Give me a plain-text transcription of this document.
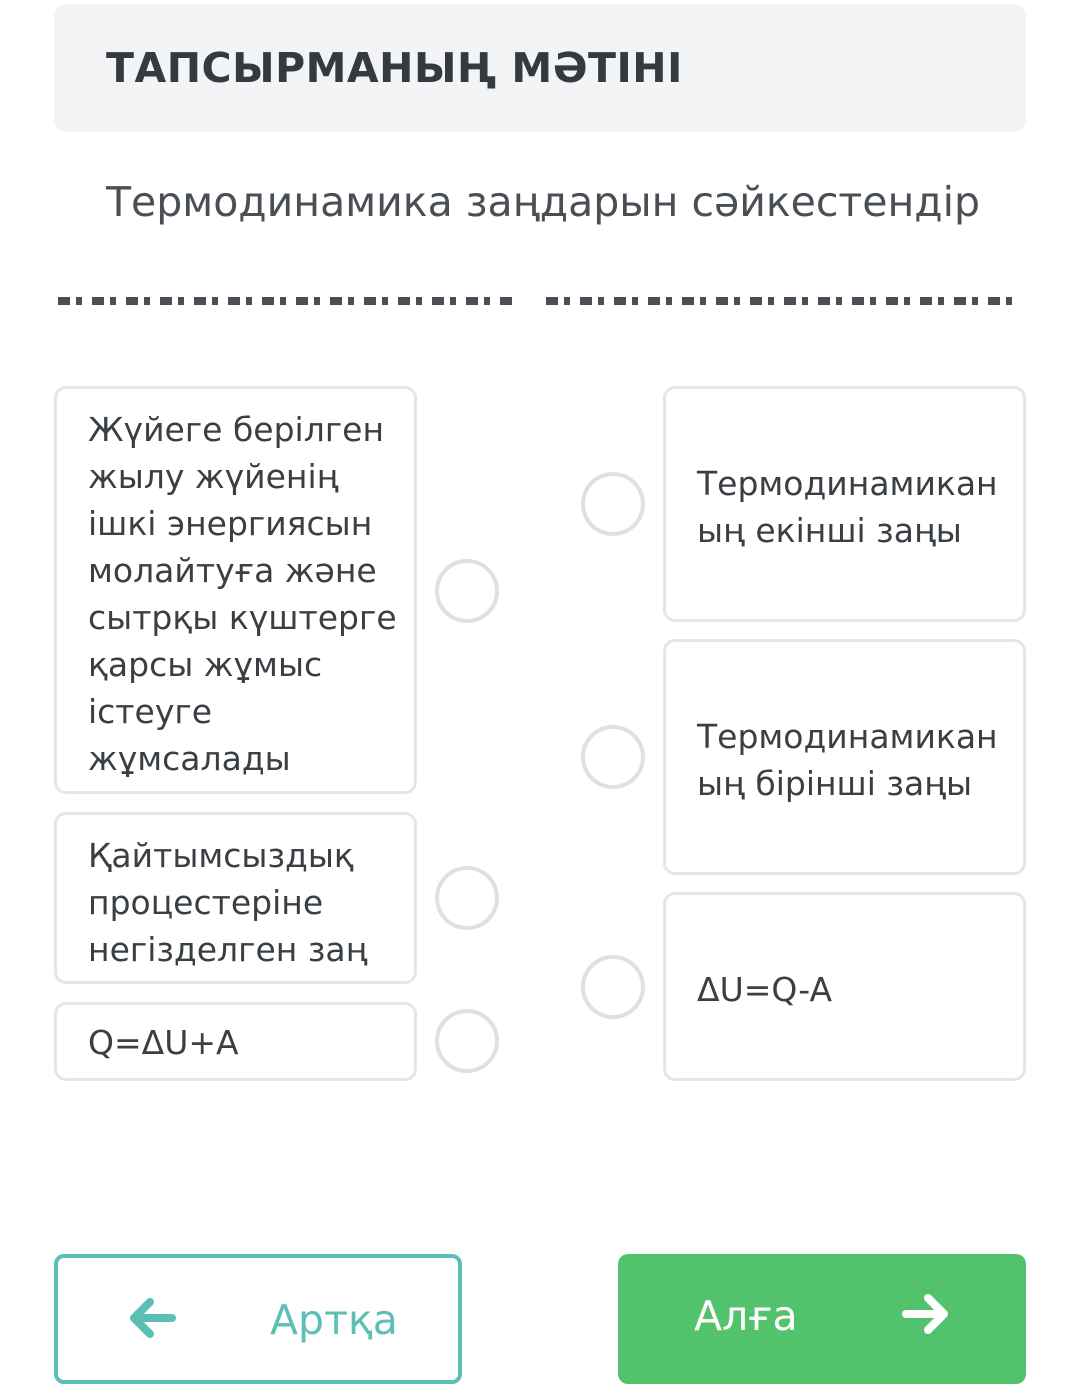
ТАПСЫРМАНЫҢ МӘТІНІ
Термодинамика заңдарын сәйкестендір
Жүйеге берілген жылу жүйенің ішкі энергиясын молайтуға және сытрқы күштерге қарсы жұмыс істеуге жұмсалады
Қайтымсыздық процестеріне негізделген заң
Q=ΔU+A
Термодинамикан ың екінші заңы
Термодинамикан ың бірінші заңы
ΔU=Q-A
Артқа	Алға
